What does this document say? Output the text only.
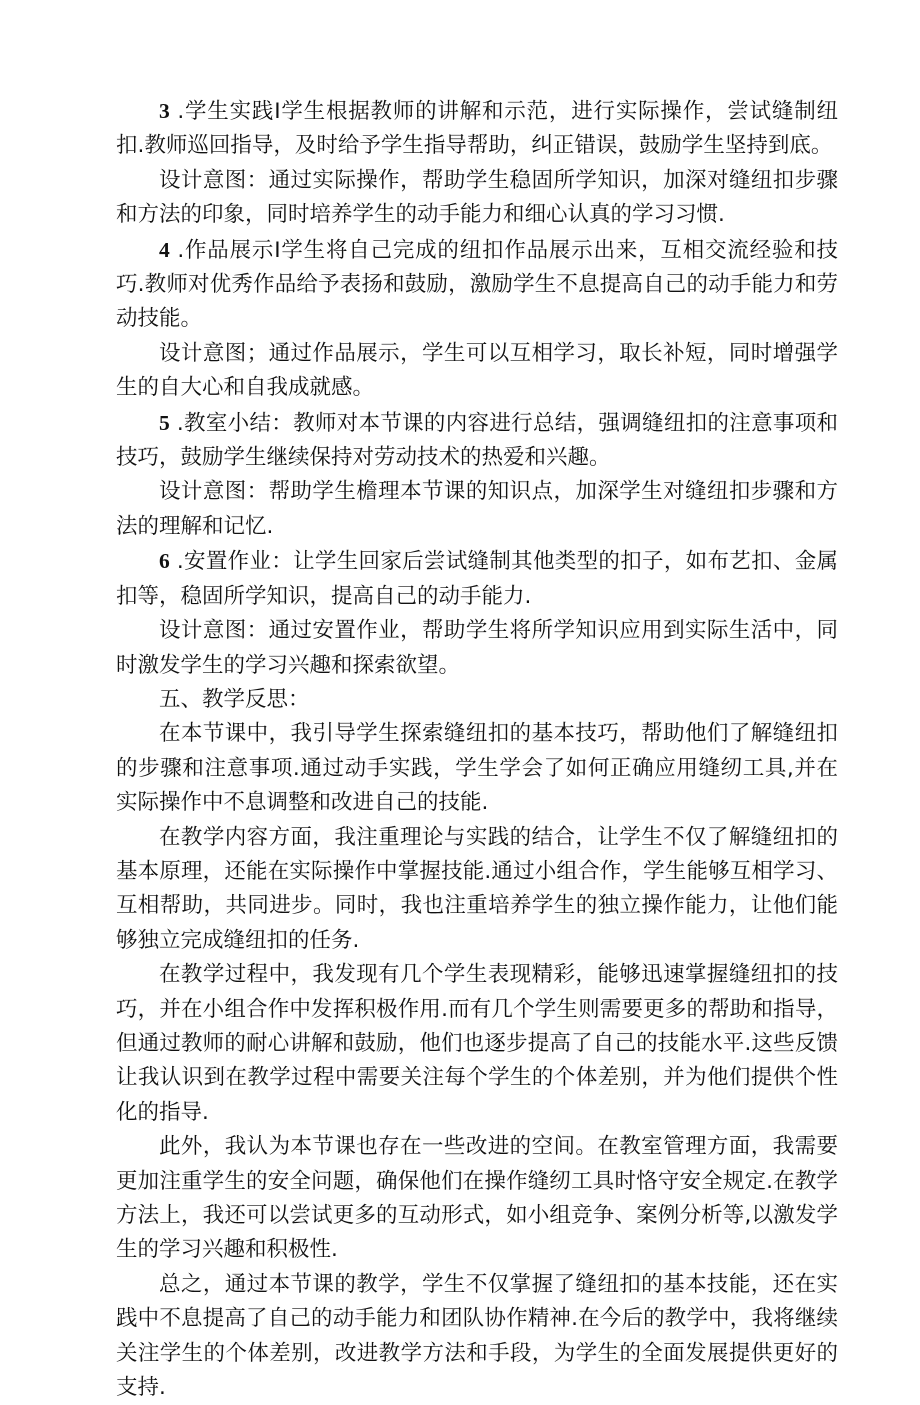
3 .学生实践I学生根据教师的讲解和示范，进行实际操作，尝试缝制纽扣.教师巡回指导，及时给予学生指导帮助，纠正错误，鼓励学生坚持到底。

设计意图：通过实际操作，帮助学生稳固所学知识，加深对缝纽扣步骤和方法的印象，同时培养学生的动手能力和细心认真的学习习惯.

4 .作品展示I学生将自己完成的纽扣作品展示出来，互相交流经验和技巧.教师对优秀作品给予表扬和鼓励，激励学生不息提高自己的动手能力和劳动技能。

设计意图；通过作品展示，学生可以互相学习，取长补短，同时增强学生的自大心和自我成就感。

5 .教室小结：教师对本节课的内容进行总结，强调缝纽扣的注意事项和技巧，鼓励学生继续保持对劳动技术的热爱和兴趣。

设计意图：帮助学生檐理本节课的知识点，加深学生对缝纽扣步骤和方法的理解和记忆.

6 .安置作业：让学生回家后尝试缝制其他类型的扣子，如布艺扣、金属扣等，稳固所学知识，提高自己的动手能力.

设计意图：通过安置作业，帮助学生将所学知识应用到实际生活中，同时激发学生的学习兴趣和探索欲望。

五、教学反思：

在本节课中，我引导学生探索缝纽扣的基本技巧，帮助他们了解缝纽扣的步骤和注意事项.通过动手实践，学生学会了如何正确应用缝纫工具,并在实际操作中不息调整和改进自己的技能.

在教学内容方面，我注重理论与实践的结合，让学生不仅了解缝纽扣的基本原理，还能在实际操作中掌握技能.通过小组合作，学生能够互相学习、互相帮助，共同进步。同时，我也注重培养学生的独立操作能力，让他们能够独立完成缝纽扣的任务.

在教学过程中，我发现有几个学生表现精彩，能够迅速掌握缝纽扣的技巧，并在小组合作中发挥积极作用.而有几个学生则需要更多的帮助和指导，但通过教师的耐心讲解和鼓励，他们也逐步提高了自己的技能水平.这些反馈让我认识到在教学过程中需要关注每个学生的个体差别，并为他们提供个性化的指导.

此外，我认为本节课也存在一些改进的空间。在教室管理方面，我需要更加注重学生的安全问题，确保他们在操作缝纫工具时恪守安全规定.在教学方法上，我还可以尝试更多的互动形式，如小组竞争、案例分析等,以激发学生的学习兴趣和积极性.

总之，通过本节课的教学，学生不仅掌握了缝纽扣的基本技能，还在实践中不息提高了自己的动手能力和团队协作精神.在今后的教学中，我将继续关注学生的个体差别，改进教学方法和手段，为学生的全面发展提供更好的支持.
